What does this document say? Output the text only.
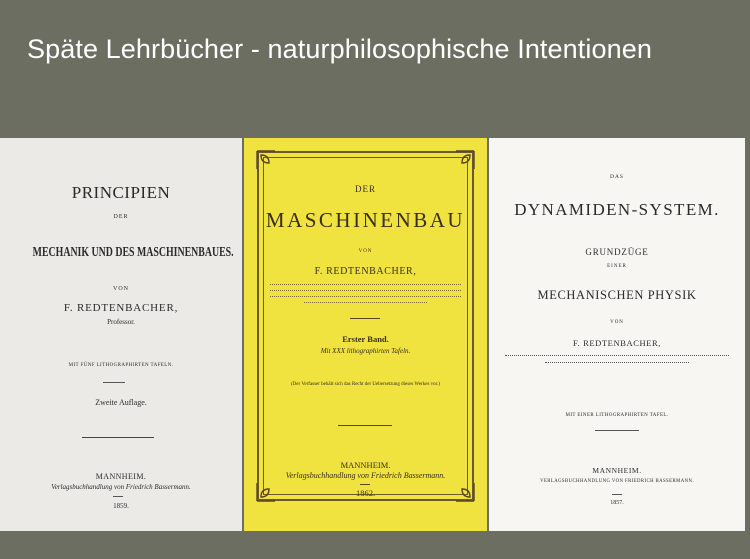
Späte Lehrbücher - naturphilosophische Intentionen
PRINCIPIEN
DER
MECHANIK UND DES MASCHINENBAUES.
VON
F. REDTENBACHER,
Professor.
MIT FÜNF LITHOGRAPHIRTEN TAFELN.
Zweite Auflage.
MANNHEIM.
Verlagsbuchhandlung von Friedrich Bassermann.
1859.
DER
MASCHINENBAU
VON
F. REDTENBACHER,
Erster Band.
Mit XXX lithographirten Tafeln.
(Der Verfasser behält sich das Recht der Uebersetzung dieses Werkes vor.)
MANNHEIM.
Verlagsbuchhandlung von Friedrich Bassermann.
1862.
DAS
DYNAMIDEN-SYSTEM.
GRUNDZÜGE
EINER
MECHANISCHEN PHYSIK
VON
F. REDTENBACHER,
MIT EINER LITHOGRAPHIRTEN TAFEL.
MANNHEIM.
VERLAGSBUCHHANDLUNG VON FRIEDRICH BASSERMANN.
1857.
